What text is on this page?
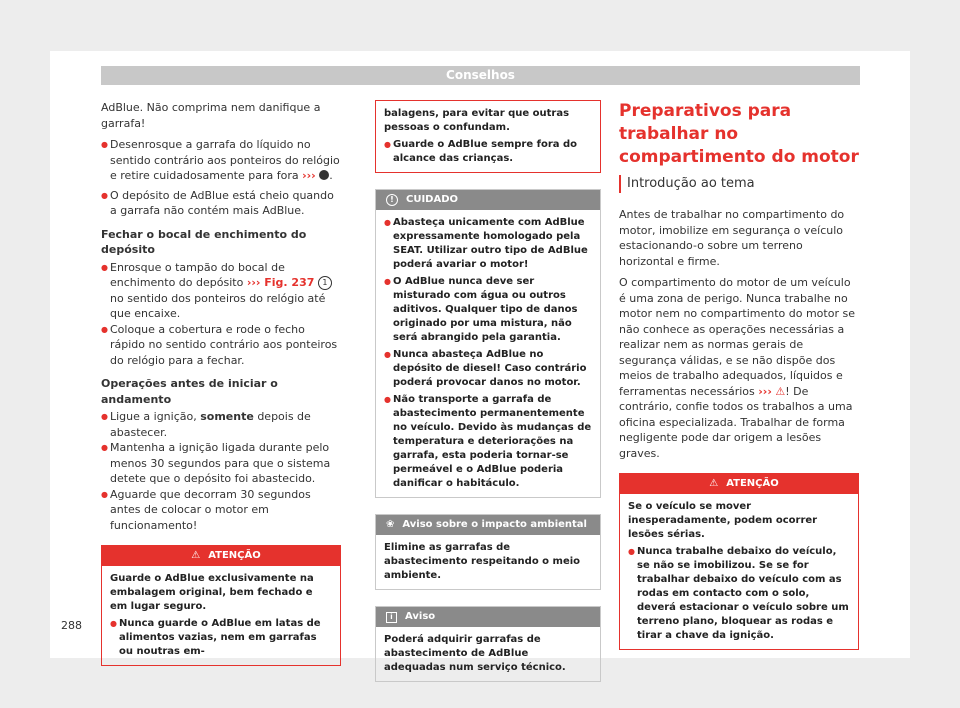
Conselhos

AdBlue. Não comprima nem danifique a garrafa!

● Desenrosque a garrafa do líquido no sentido contrário aos ponteiros do relógio e retire cuidadosamente para fora ››› .

● O depósito de AdBlue está cheio quando a garrafa não contém mais AdBlue.

Fechar o bocal de enchimento do depósito

● Enrosque o tampão do bocal de enchimento do depósito ››› Fig. 237 1 no sentido dos ponteiros do relógio até que encaixe.

● Coloque a cobertura e rode o fecho rápido no sentido contrário aos ponteiros do relógio para a fechar.

Operações antes de iniciar o andamento

● Ligue a ignição, somente depois de abastecer.

● Mantenha a ignição ligada durante pelo menos 30 segundos para que o sistema detete que o depósito foi abastecido.

● Aguarde que decorram 30 segundos antes de colocar o motor em funcionamento!

⚠ ATENÇÃO

Guarde o AdBlue exclusivamente na embalagem original, bem fechado e em lugar seguro.

● Nunca guarde o AdBlue em latas de alimentos vazias, nem em garrafas ou noutras em-

balagens, para evitar que outras pessoas o confundam.

● Guarde o AdBlue sempre fora do alcance das crianças.

!	CUIDADO

● Abasteça unicamente com AdBlue expressamente homologado pela SEAT. Utilizar outro tipo de AdBlue poderá avariar o motor!

● O AdBlue nunca deve ser misturado com água ou outros aditivos. Qualquer tipo de danos originado por uma mistura, não será abrangido pela garantia.

● Nunca abasteça AdBlue no depósito de diesel! Caso contrário poderá provocar danos no motor.

● Não transporte a garrafa de abastecimento permanentemente no veículo. Devido às mudanças de temperatura e deteriorações na garrafa, esta poderia tornar-se permeável e o AdBlue poderia danificar o habitáculo.

❀ Aviso sobre o impacto ambiental

Elimine as garrafas de abastecimento respeitando o meio ambiente.

i	Aviso

Poderá adquirir garrafas de abastecimento de AdBlue adequadas num serviço técnico.

Preparativos para trabalhar no compartimento do motor
Introdução ao tema

Antes de trabalhar no compartimento do motor, imobilize em segurança o veículo estacionando-o sobre um terreno horizontal e firme.

O compartimento do motor de um veículo é uma zona de perigo. Nunca trabalhe no motor nem no compartimento do motor se não conhece as operações necessárias a realizar nem as normas gerais de segurança válidas, e se não dispõe dos meios de trabalho adequados, líquidos e ferramentas necessários ››› ⚠! De contrário, confie todos os trabalhos a uma oficina especializada. Trabalhar de forma negligente pode dar origem a lesões graves.

⚠ ATENÇÃO

Se o veículo se mover inesperadamente, podem ocorrer lesões sérias.

● Nunca trabalhe debaixo do veículo, se não se imobilizou. Se se for trabalhar debaixo do veículo com as rodas em contacto com o solo, deverá estacionar o veículo sobre um terreno plano, bloquear as rodas e tirar a chave da ignição.

288
